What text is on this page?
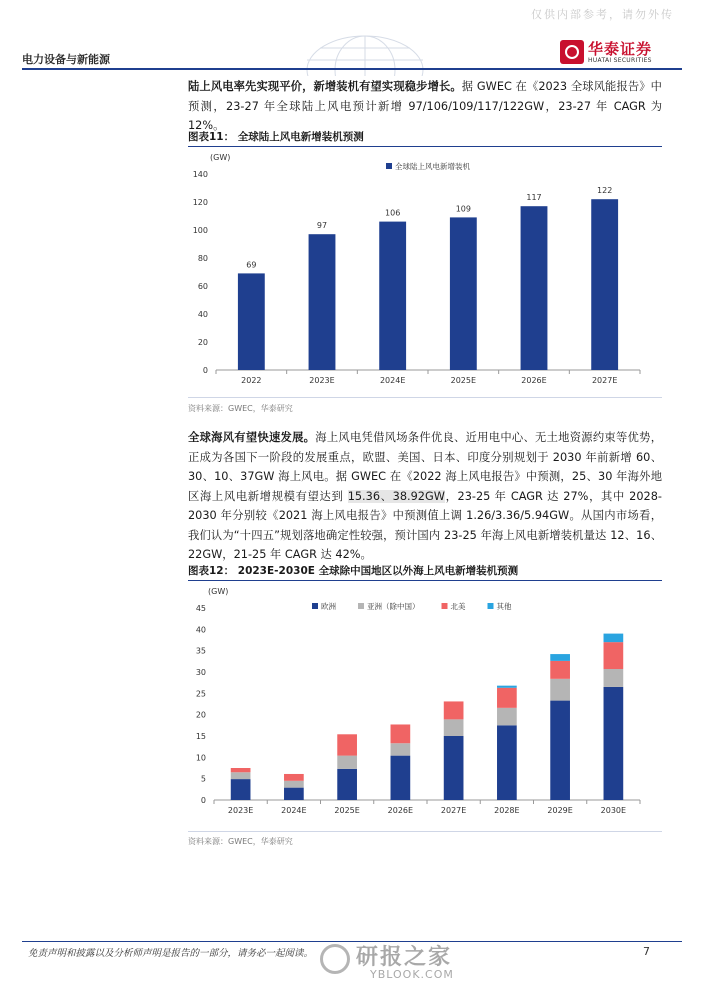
仅供内部参考，请勿外传
电力设备与新能源
华泰证券
HUATAI SECURITIES
陆上风电率先实现平价，新增装机有望实现稳步增长。据 GWEC 在《2023 全球风能报告》中预测，23-27 年全球陆上风电预计新增 97/106/109/117/122GW，23-27 年 CAGR 为 12%。
图表11： 全球陆上风电新增装机预测
(GW)
0
20
40
60
80
100
120
140
2022
69
2023E
97
2024E
106
2025E
109
2026E
117
2027E
122
全球陆上风电新增装机
资料来源：GWEC，华泰研究
全球海风有望快速发展。海上风电凭借风场条件优良、近用电中心、无土地资源约束等优势，正成为各国下一阶段的发展重点，欧盟、美国、日本、印度分别规划于 2030 年前新增 60、30、10、37GW 海上风电。据 GWEC 在《2022 海上风电报告》中预测，25、30 年海外地区海上风电新增规模有望达到 15.36、38.92GW，23-25 年 CAGR 达 27%，其中 2028-2030 年分别较《2021 海上风电报告》中预测值上调 1.26/3.36/5.94GW。从国内市场看，我们认为“十四五”规划落地确定性较强，预计国内 23-25 年海上风电新增装机量达 12、16、22GW，21-25 年 CAGR 达 42%。
图表12： 2023E-2030E 全球除中国地区以外海上风电新增装机预测
(GW)
0
5
10
15
20
25
30
35
40
45
2023E	2024E	2025E	2026E	2027E	2028E	2029E	2030E
欧洲	亚洲（除中国）	北美	其他
资料来源：GWEC，华泰研究
免责声明和披露以及分析师声明是报告的一部分，请务必一起阅读。 研报之家
YBLOOK.COM
7
